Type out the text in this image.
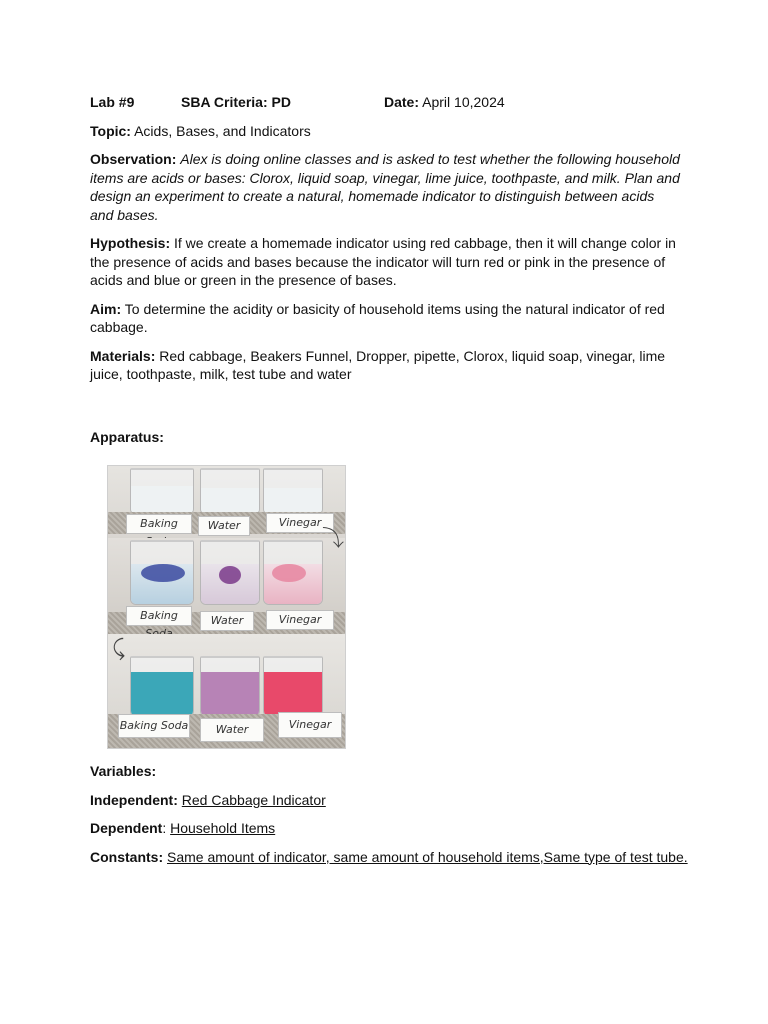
Lab #9	SBA Criteria: PD	Date: April 10,2024
Topic: Acids, Bases, and Indicators
Observation: Alex is doing online classes and is asked to test whether the following household items are acids or bases: Clorox, liquid soap, vinegar, lime juice, toothpaste, and milk. Plan and design an experiment to create a natural, homemade indicator to distinguish between acids and bases.
Hypothesis: If we create a homemade indicator using red cabbage, then it will change color in the presence of acids and bases because the indicator will turn red or pink in the presence of acids and blue or green in the presence of bases.
Aim: To determine the acidity or basicity of household items using the natural indicator of red cabbage.
Materials: Red cabbage, Beakers Funnel, Dropper, pipette, Clorox, liquid soap, vinegar, lime juice, toothpaste, milk, test tube and water
Apparatus:
Baking	Water	Vinegar
⤵
Baking	Water	Vinegar
⤹
Baking Soda	Water	Vinegar
Variables:
Independent: Red Cabbage Indicator
Dependent: Household Items
Constants: Same amount of indicator, same amount of household items,Same type of test tube.
